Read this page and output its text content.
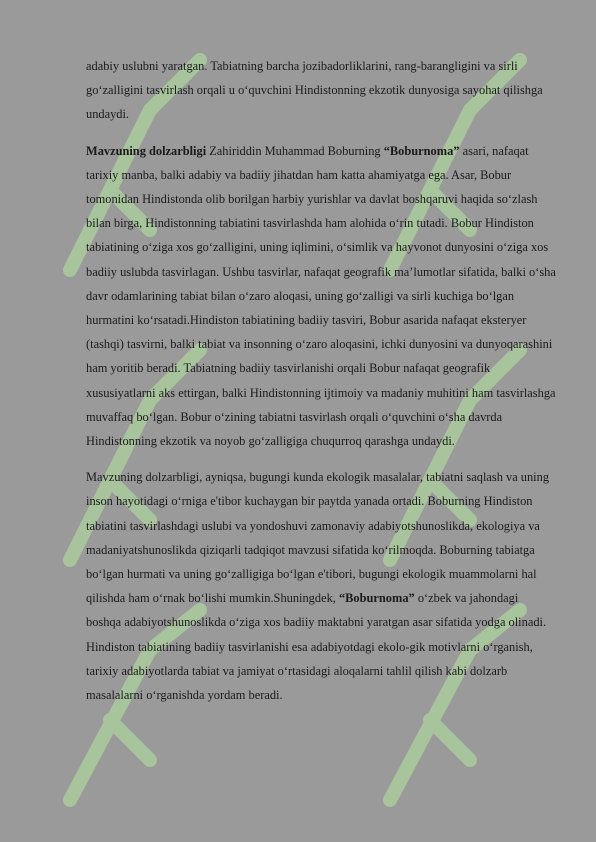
adabiy uslubni yaratgan. Tabiatning barcha jozibadorliklarini, rang-barangligini va sirli go‘zalligini tasvirlash orqali u o‘quvchini Hindistonning ekzotik dunyosiga sayohat qilishga undaydi.

Mavzuning dolzarbligi Zahiriddin Muhammad Boburning “Boburnoma” asari, nafaqat tarixiy manba, balki adabiy va badiiy jihatdan ham katta ahamiyatga ega. Asar, Bobur tomonidan Hindistonda olib borilgan harbiy yurishlar va davlat boshqaruvi haqida so‘zlash bilan birga, Hindistonning tabiatini tasvirlashda ham alohida o‘rin tutadi. Bobur Hindiston tabiatining o‘ziga xos go‘zalligini, uning iqlimini, o‘simlik va hayvonot dunyosini o‘ziga xos badiiy uslubda tasvirlagan. Ushbu tasvirlar, nafaqat geografik ma’lumotlar sifatida, balki o‘sha davr odamlarining tabiat bilan o‘zaro aloqasi, uning go‘zalligi va sirli kuchiga bo‘lgan hurmatini ko‘rsatadi.Hindiston tabiatining badiiy tasviri, Bobur asarida nafaqat eksteryer (tashqi) tasvirni, balki tabiat va insonning o‘zaro aloqasini, ichki dunyosini va dunyoqarashini ham yoritib beradi. Tabiatning badiiy tasvirlanishi orqali Bobur nafaqat geografik xususiyatlarni aks ettirgan, balki Hindistonning ijtimoiy va madaniy muhitini ham tasvirlashga muvaffaq bo‘lgan. Bobur o‘zining tabiatni tasvirlash orqali o‘quvchini o‘sha davrda Hindistonning ekzotik va noyob go‘zalligiga chuqurroq qarashga undaydi.

Mavzuning dolzarbligi, ayniqsa, bugungi kunda ekologik masalalar, tabiatni saqlash va uning inson hayotidagi o‘rniga e'tibor kuchaygan bir paytda yanada ortadi. Boburning Hindiston tabiatini tasvirlashdagi uslubi va yondoshuvi zamonaviy adabiyotshunoslikda, ekologiya va madaniyatshunoslikda qiziqarli tadqiqot mavzusi sifatida ko‘rilmoqda. Boburning tabiatga bo‘lgan hurmati va uning go‘zalligiga bo‘lgan e'tibori, bugungi ekologik muammolarni hal qilishda ham o‘rnak bo‘lishi mumkin.Shuningdek, “Boburnoma” o‘zbek va jahondagi boshqa adabiyotshunoslikda o‘ziga xos badiiy maktabni yaratgan asar sifatida yodga olinadi. Hindiston tabiatining badiiy tasvirlanishi esa adabiyotdagi ekolo-gik motivlarni o‘rganish, tarixiy adabiyotlarda tabiat va jamiyat o‘rtasidagi aloqalarni tahlil qilish kabi dolzarb masalalarni o‘rganishda yordam beradi.
